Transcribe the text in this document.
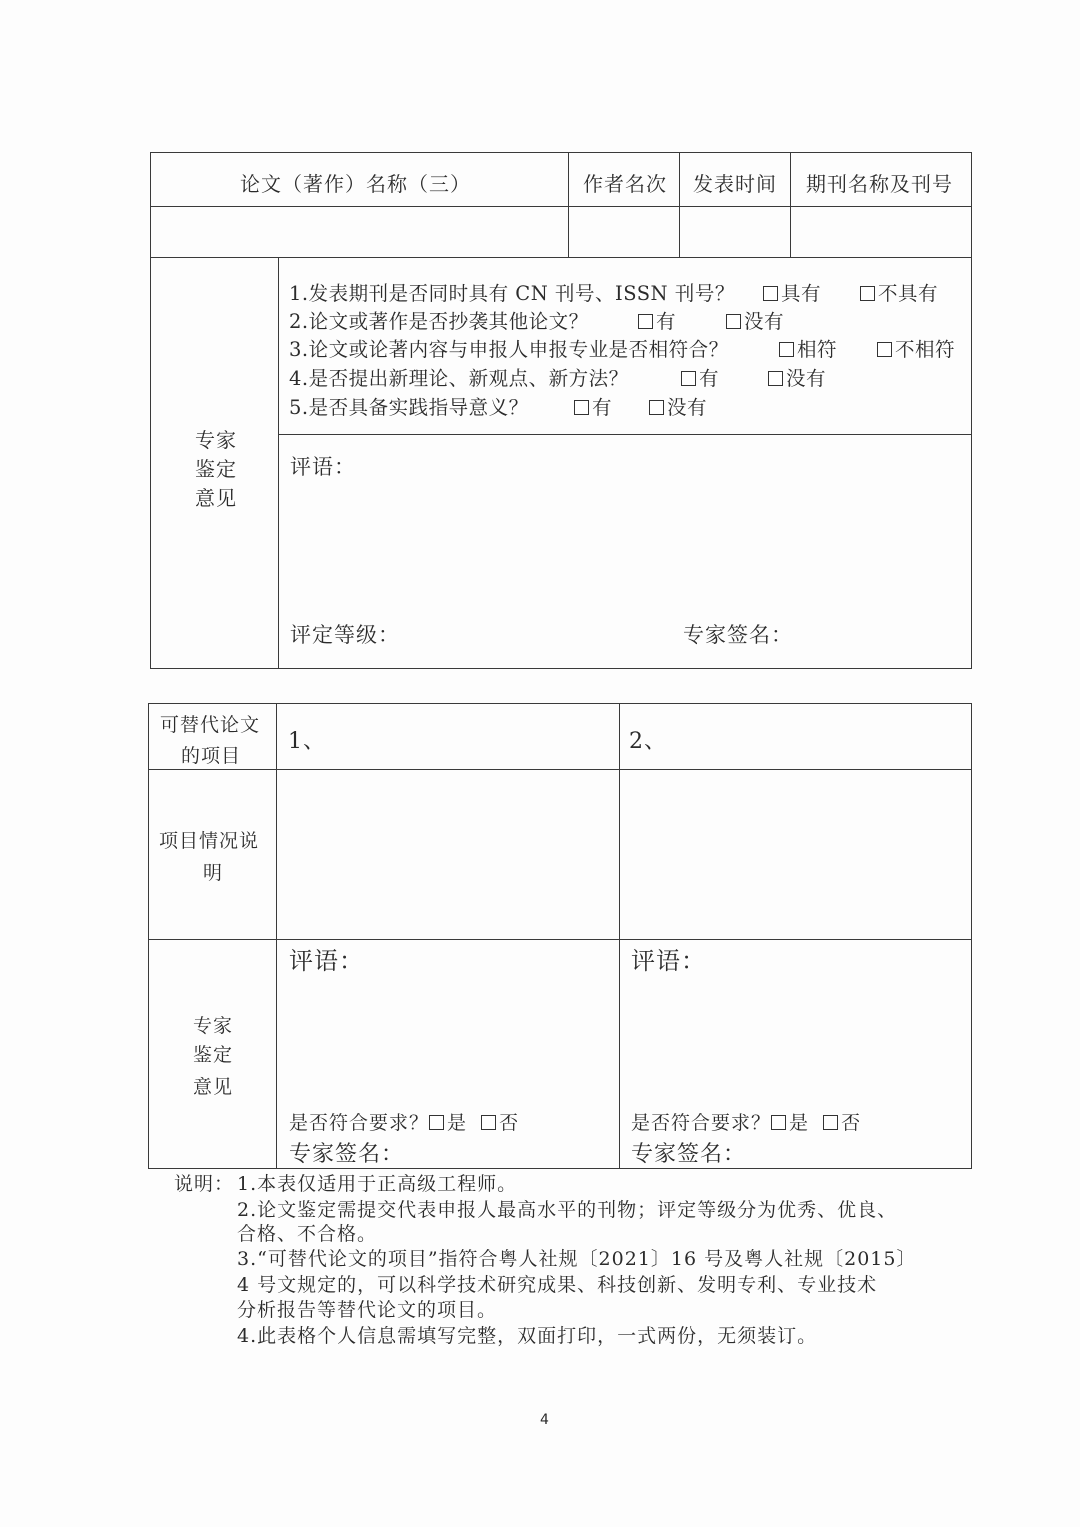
论文（著作）名称（三）	作者名次 发表时间 期刊名称及刊号
1.发表期刊是否同时具有 CN 刊号、ISSN 刊号？	具有	不具有
2.论文或著作是否抄袭其他论文？	有	没有
3.论文或论著内容与申报人申报专业是否相符合？	相符	不相符
4.是否提出新理论、新观点、新方法？	有	没有
5.是否具备实践指导意义？	有	没有
专家
鉴定
意见
评语：
评定等级：	专家签名：
可替代论文
的项目
1、	2、
项目情况说
明
专家
鉴定
意见
评语：
是否符合要求？ 是 否
专家签名：
评语：
是否符合要求？ 是 否
专家签名：
说明： 1.本表仅适用于正高级工程师。
2.论文鉴定需提交代表申报人最高水平的刊物；评定等级分为优秀、优良、
合格、不合格。
3.“可替代论文的项目”指符合粤人社规〔2021〕16 号及粤人社规〔2015〕
4 号文规定的，可以科学技术研究成果、科技创新、发明专利、专业技术
分析报告等替代论文的项目。
4.此表格个人信息需填写完整，双面打印，一式两份，无须装订。
4
